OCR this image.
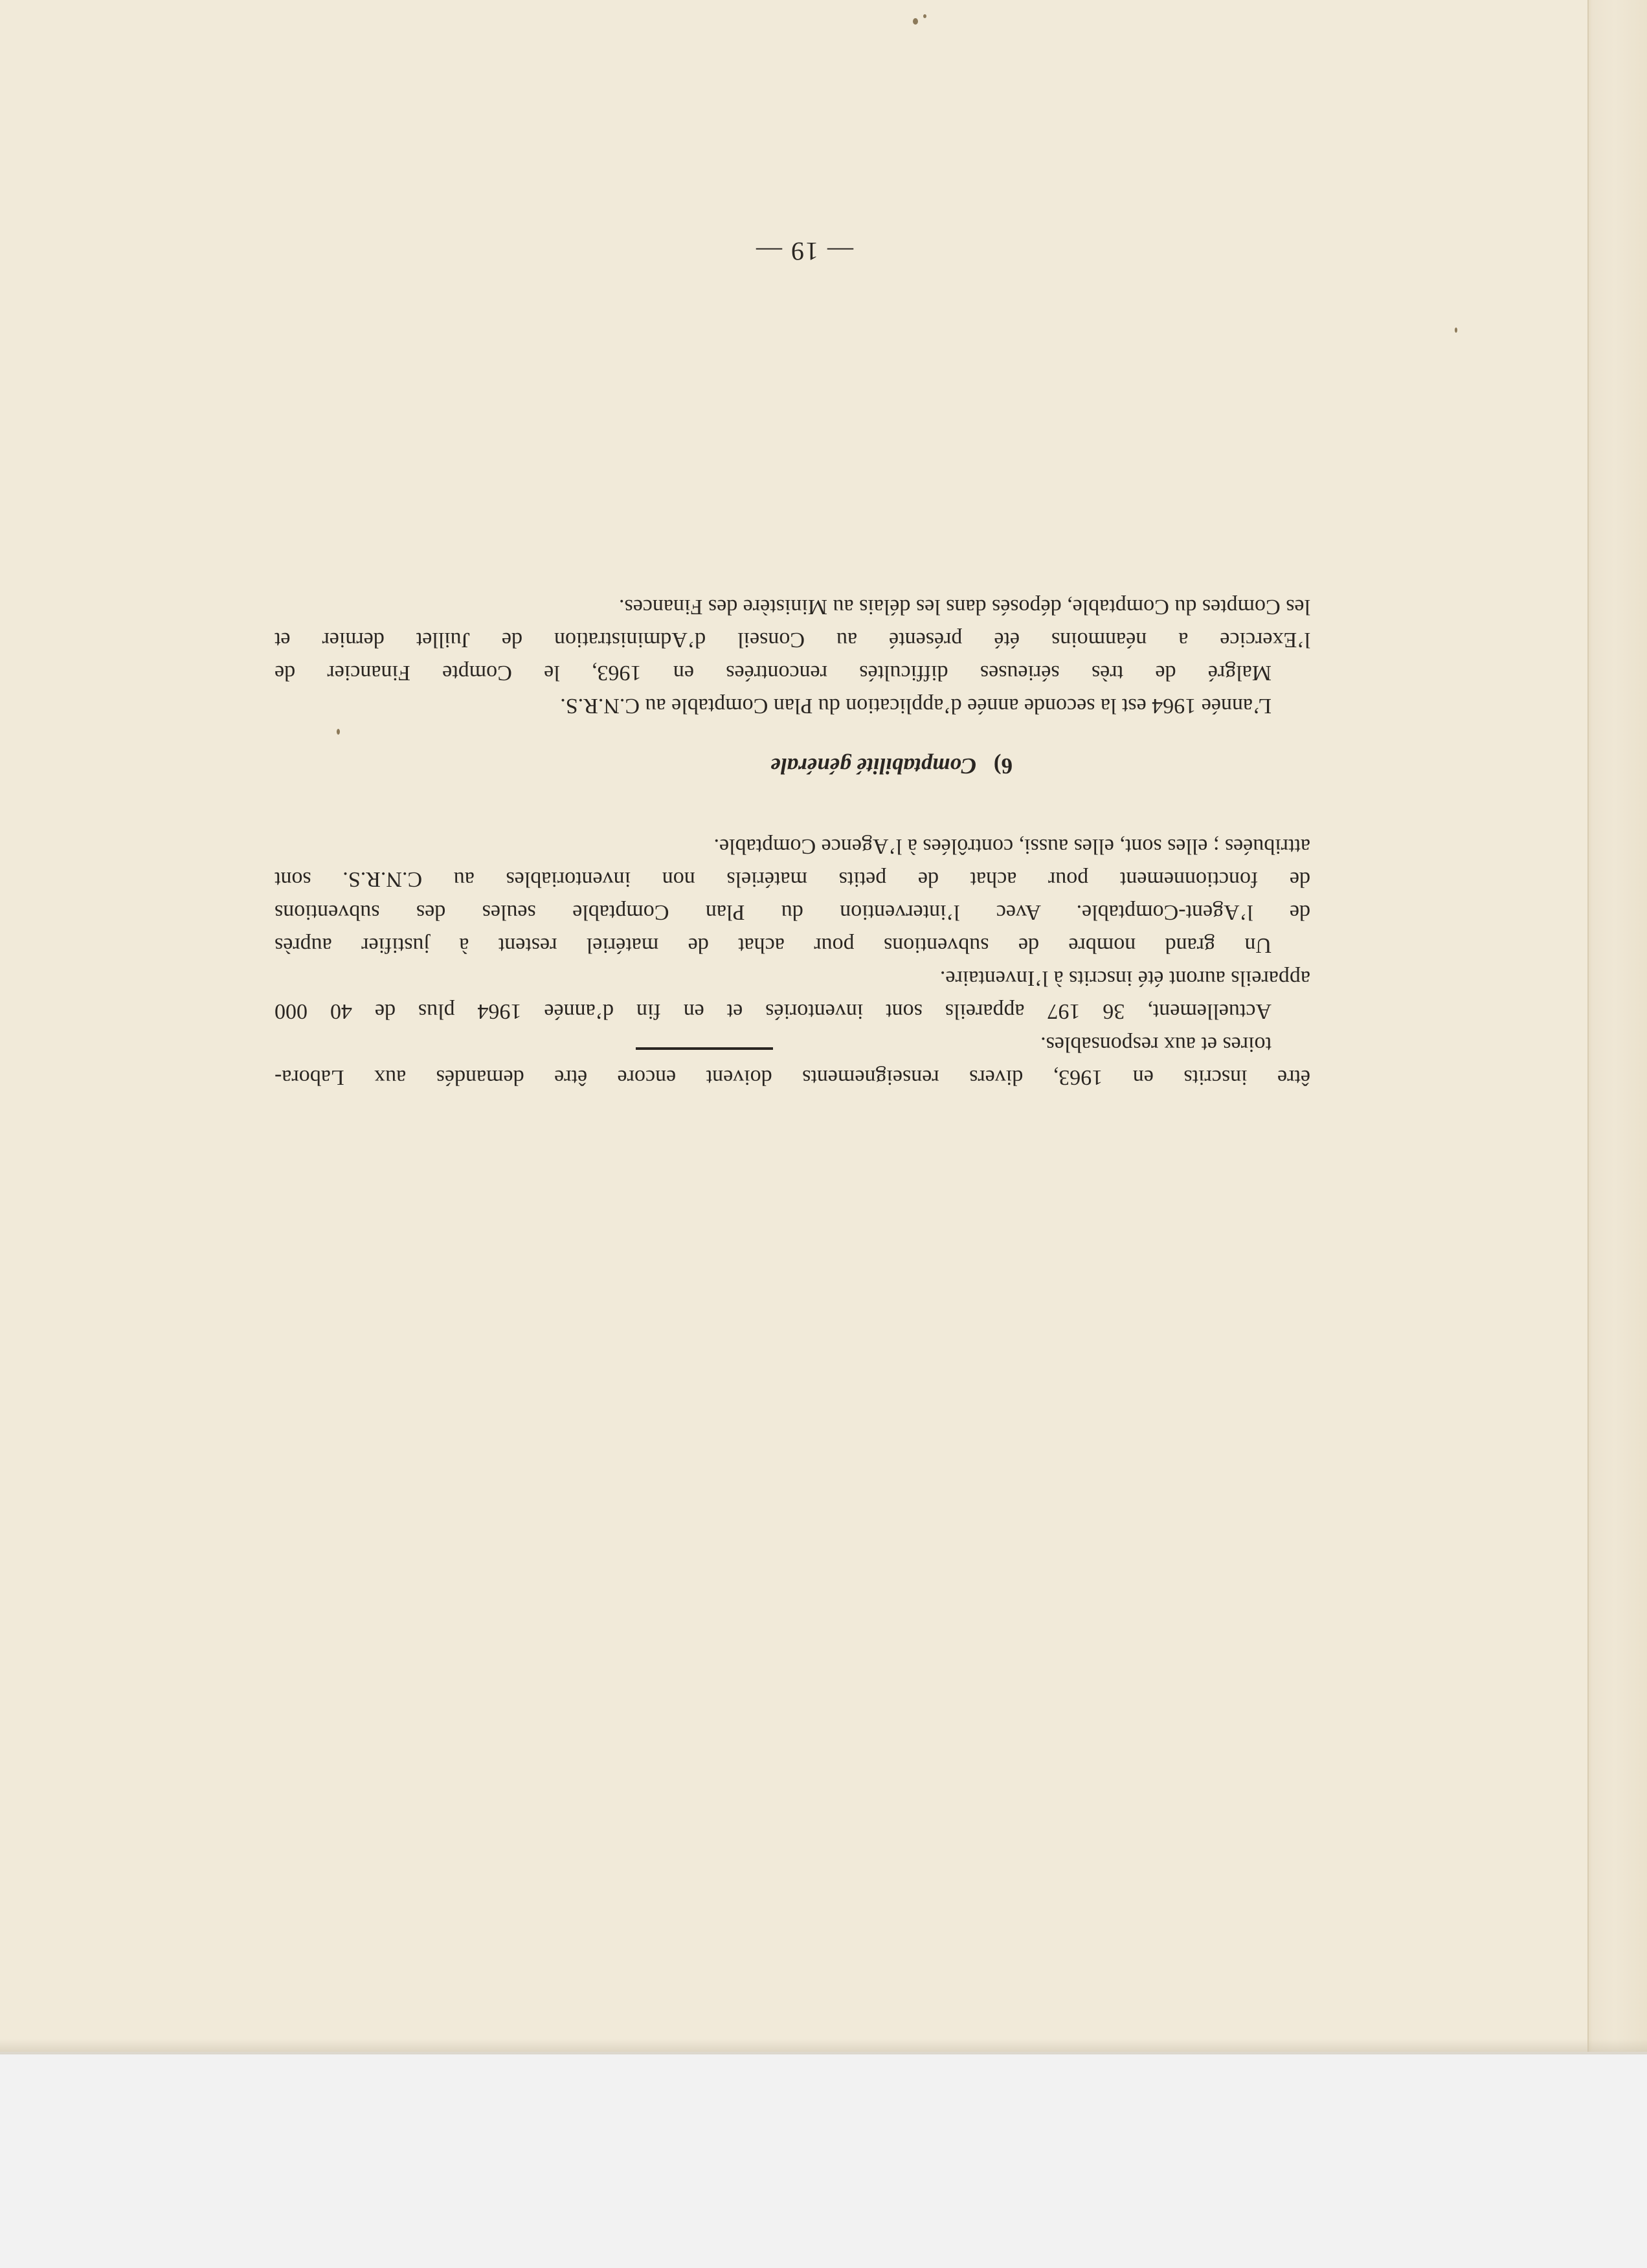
— 19 —
être inscrits en 1963, divers renseignements doivent encore être demandés aux Labora-
toires et aux responsables.
Actuellement, 36 197 appareils sont inventoriés et en fin d’année 1964 plus de 40 000
appareils auront été inscrits à l’Inventaire.
Un grand nombre de subventions pour achat de matériel restent à justifier auprès
de l’Agent-Comptable. Avec l’intervention du Plan Comptable seules des subventions
de fonctionnement pour achat de petits matériels non inventoriables au C.N.R.S. sont
attribuées ; elles sont, elles aussi, contrôlées à l’Agence Comptable.
6) Comptabilité générale
L’année 1964 est la seconde année d’application du Plan Comptable au C.N.R.S.
Malgré de très sérieuses difficultés rencontrées en 1963, le Compte Financier de
l’Exercice a néanmoins été présenté au Conseil d’Administration de Juillet dernier et
les Comptes du Comptable, déposés dans les délais au Ministère des Finances.
